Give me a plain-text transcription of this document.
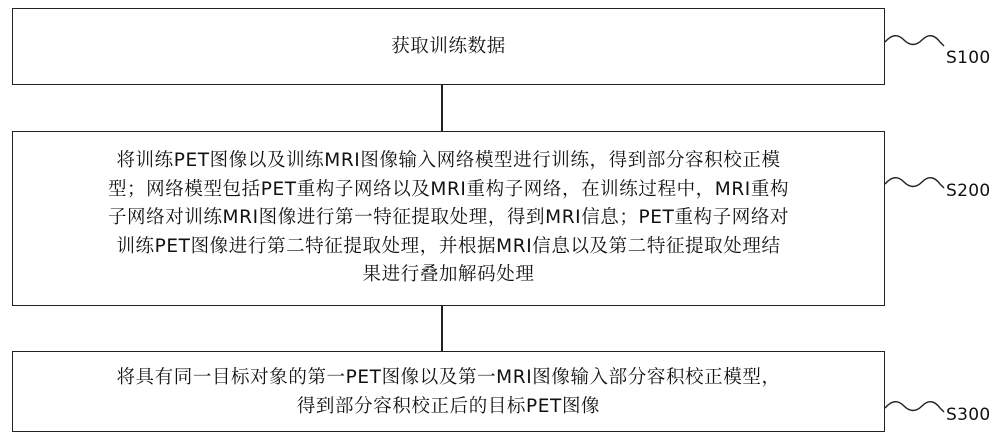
获取训练数据
将训练PET图像以及训练MRI图像输入网络模型进行训练，得到部分容积校正模
型；网络模型包括PET重构子网络以及MRI重构子网络，在训练过程中，MRI重构
子网络对训练MRI图像进行第一特征提取处理，得到MRI信息；PET重构子网络对
训练PET图像进行第二特征提取处理，并根据MRI信息以及第二特征提取处理结
果进行叠加解码处理
将具有同一目标对象的第一PET图像以及第一MRI图像输入部分容积校正模型，
得到部分容积校正后的目标PET图像
S100
S200
S300
